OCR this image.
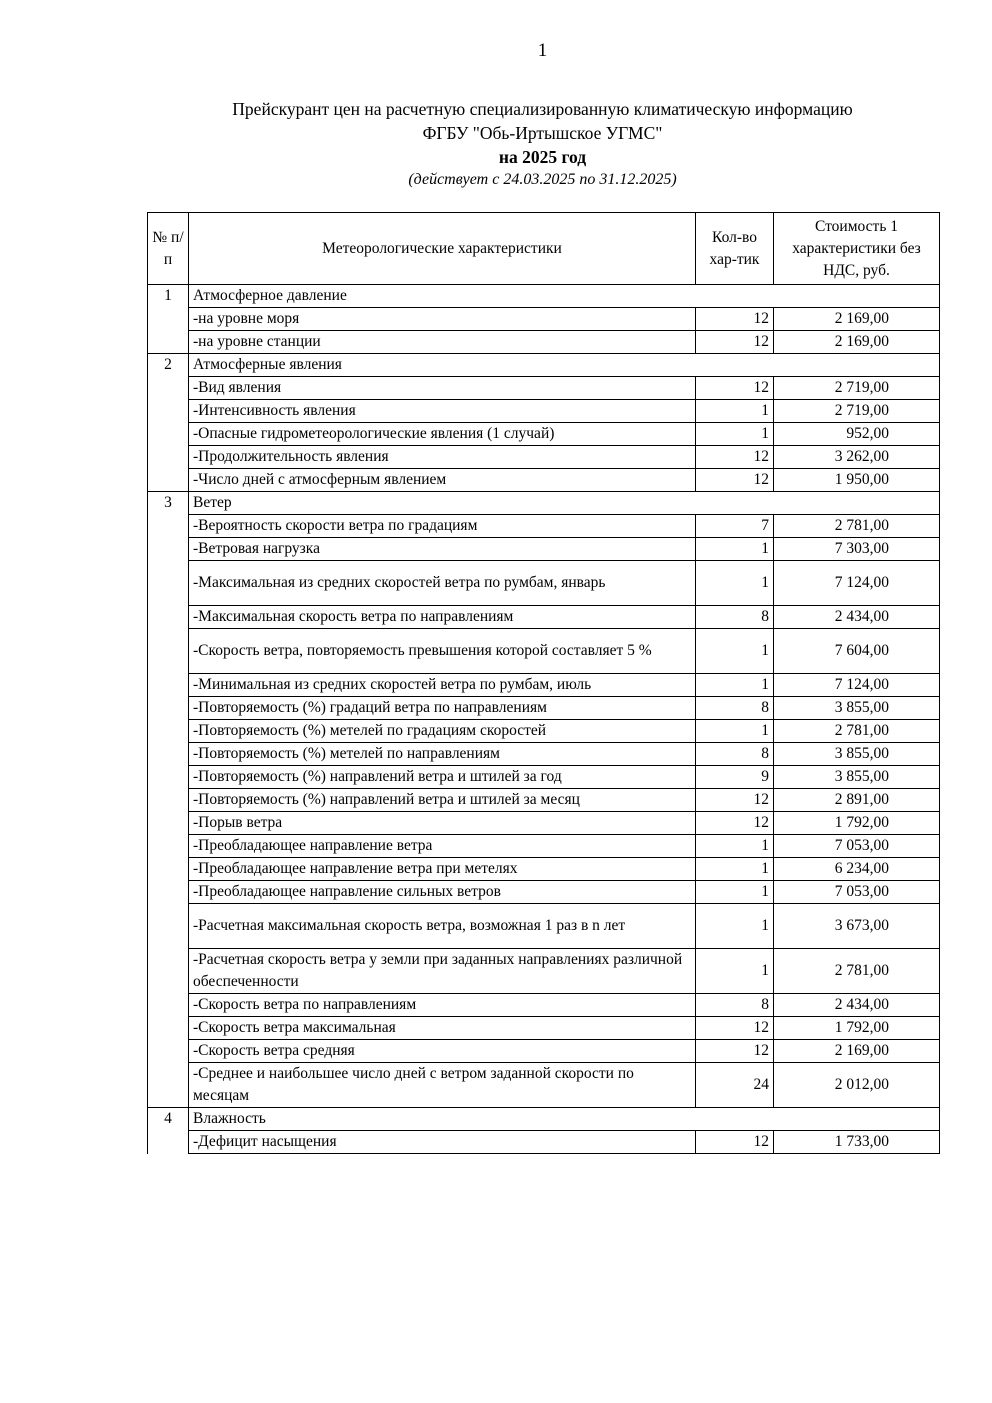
1
Прейскурант цен на расчетную специализированную климатическую информацию
ФГБУ "Обь-Иртышское УГМС"
на 2025 год
(действует с 24.03.2025 по 31.12.2025)
№ п/п	Метеорологические характеристики	Кол-во хар-тик	Стоимость 1 характеристики без НДС, руб.
1	Атмосферное давление		
	-на уровне моря	12	2 169,00
	-на уровне станции	12	2 169,00
2	Атмосферные явления		
	-Вид явления	12	2 719,00
	-Интенсивность явления	1	2 719,00
	-Опасные гидрометеорологические явления (1 случай)	1	952,00
	-Продолжительность явления	12	3 262,00
	-Число дней с атмосферным явлением	12	1 950,00
3	Ветер		
	-Вероятность скорости ветра по градациям	7	2 781,00
	-Ветровая нагрузка	1	7 303,00
	-Максимальная из средних скоростей ветра по румбам, январь	1	7 124,00
	-Максимальная скорость ветра по направлениям	8	2 434,00
	-Скорость ветра, повторяемость превышения которой составляет 5 %	1	7 604,00
	-Минимальная из средних скоростей ветра по румбам, июль	1	7 124,00
	-Повторяемость (%) градаций ветра по направлениям	8	3 855,00
	-Повторяемость (%) метелей по градациям скоростей	1	2 781,00
	-Повторяемость (%) метелей по направлениям	8	3 855,00
	-Повторяемость (%) направлений ветра и штилей за год	9	3 855,00
	-Повторяемость (%) направлений ветра и штилей за месяц	12	2 891,00
	-Порыв ветра	12	1 792,00
	-Преобладающее направление ветра	1	7 053,00
	-Преобладающее направление ветра при метелях	1	6 234,00
	-Преобладающее направление сильных ветров	1	7 053,00
	-Расчетная максимальная скорость ветра, возможная 1 раз в n лет	1	3 673,00
	-Расчетная скорость ветра у земли при заданных направлениях различной обеспеченности	1	2 781,00
	-Скорость ветра по направлениям	8	2 434,00
	-Скорость ветра максимальная	12	1 792,00
	-Скорость ветра средняя	12	2 169,00
	-Среднее и наибольшее число дней с ветром заданной скорости по месяцам	24	2 012,00
4	Влажность		
	-Дефицит насыщения	12	1 733,00
